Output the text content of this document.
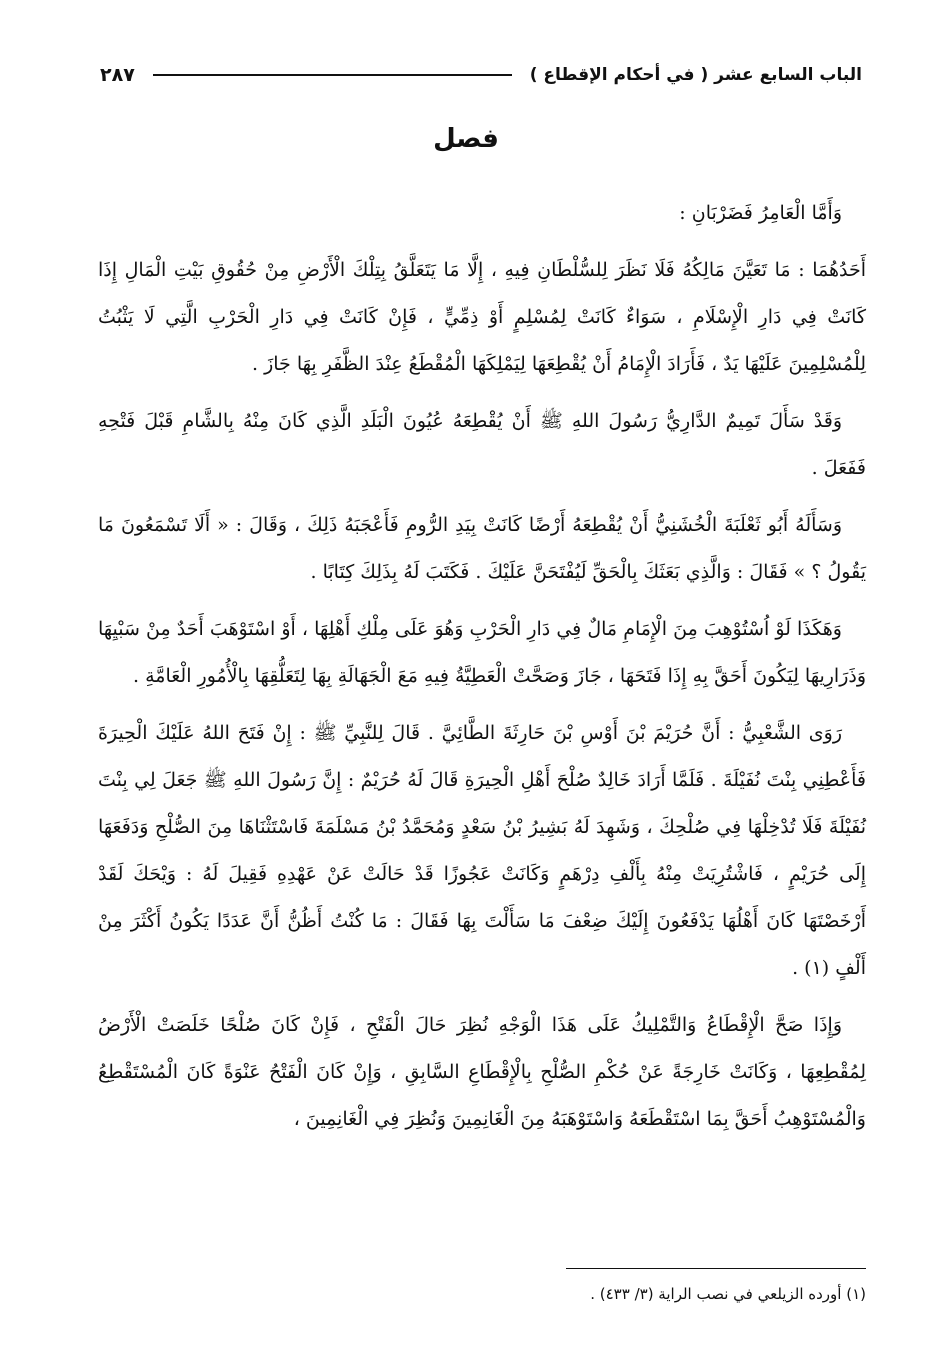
الباب السابع عشر ( في أحكام الإقطاع )
٢٨٧
فصل

وَأَمَّا الْعَامِرُ فَضَرْبَانِ :

أَحَدُهُمَا : مَا تَعَيَّنَ مَالِكُهُ فَلَا نَظَرَ لِلسُّلْطَانِ فِيهِ ، إِلَّا مَا يَتَعَلَّقُ بِتِلْكَ الْأَرْضِ مِنْ حُقُوقِ بَيْتِ الْمَالِ إِذَا كَانَتْ فِي دَارِ الْإِسْلَامِ ، سَوَاءٌ كَانَتْ لِمُسْلِمٍ أَوْ ذِمِّيٍّ ، فَإِنْ كَانَتْ فِي دَارِ الْحَرْبِ الَّتِي لَا يَثْبُتُ لِلْمُسْلِمِينَ عَلَيْهَا يَدٌ ، فَأَرَادَ الْإِمَامُ أَنْ يُقْطِعَهَا لِيَمْلِكَهَا الْمُقْطَعُ عِنْدَ الظَّفَرِ بِهَا جَازَ .

وَقَدْ سَأَلَ تَمِيمٌ الدَّارِيُّ رَسُولَ اللهِ ﷺ أَنْ يُقْطِعَهُ عُيُونَ الْبَلَدِ الَّذِي كَانَ مِنْهُ بِالشَّامِ قَبْلَ فَتْحِهِ فَفَعَلَ .

وَسَأَلَهُ أَبُو ثَعْلَبَةَ الْخُشَنِيُّ أَنْ يُقْطِعَهُ أَرْضًا كَانَتْ بِيَدِ الرُّومِ فَأَعْجَبَهُ ذَلِكَ ، وَقَالَ : « أَلَا تَسْمَعُونَ مَا يَقُولُ ؟ » فَقَالَ : وَالَّذِي بَعَثَكَ بِالْحَقِّ لَيُفْتَحَنَّ عَلَيْكَ . فَكَتَبَ لَهُ بِذَلِكَ كِتَابًا .

وَهَكَذَا لَوْ اُسْتُوْهِبَ مِنَ الْإِمَامِ مَالٌ فِي دَارِ الْحَرْبِ وَهُوَ عَلَى مِلْكِ أَهْلِهَا ، أَوْ اسْتَوْهَبَ أَحَدٌ مِنْ سَبْيِهَا وَذَرَارِيهَا لِيَكُونَ أَحَقَّ بِهِ إِذَا فَتَحَهَا ، جَازَ وَصَحَّتْ الْعَطِيَّةُ فِيهِ مَعَ الْجَهَالَةِ بِهَا لِتَعَلُّقِهَا بِالْأُمُورِ الْعَامَّةِ .

رَوَى الشَّعْبِيُّ : أَنَّ حُرَيْمَ بْنَ أَوْسِ بْنَ حَارِثَةَ الطَّائِيَّ . قَالَ لِلنَّبِيِّ ﷺ : إِنْ فَتَحَ اللهُ عَلَيْكَ الْحِيرَةَ فَأَعْطِنِي بِنْتَ نُفَيْلَةَ . فَلَمَّا أَرَادَ خَالِدٌ صُلْحَ أَهْلِ الْحِيرَةِ قَالَ لَهُ حُرَيْمٌ : إِنَّ رَسُولَ اللهِ ﷺ جَعَلَ لِي بِنْتَ نُفَيْلَةَ فَلَا تُدْخِلْهَا فِي صُلْحِكَ ، وَشَهِدَ لَهُ بَشِيرُ بْنُ سَعْدٍ وَمُحَمَّدُ بْنُ مَسْلَمَةَ فَاسْتَثْنَاهَا مِنَ الصُّلْحِ وَدَفَعَهَا إِلَى حُرَيْمٍ ، فَاشْتُرِيَتْ مِنْهُ بِأَلْفِ دِرْهَمٍ وَكَانَتْ عَجُوزًا قَدْ حَالَتْ عَنْ عَهْدِهِ فَقِيلَ لَهُ : وَيْحَكَ لَقَدْ أَرْخَصْتَهَا كَانَ أَهْلُهَا يَدْفَعُونَ إِلَيْكَ ضِعْفَ مَا سَأَلْتَ بِهَا فَقَالَ : مَا كُنْتُ أَظُنُّ أَنَّ عَدَدًا يَكُونُ أَكْثَرَ مِنْ أَلْفٍ (١) .

وَإِذَا صَحَّ الْإِقْطَاعُ وَالتَّمْلِيكُ عَلَى هَذَا الْوَجْهِ نُظِرَ حَالَ الْفَتْحِ ، فَإِنْ كَانَ صُلْحًا خَلَصَتْ الْأَرْضُ لِمُقْطِعِهَا ، وَكَانَتْ خَارِجَةً عَنْ حُكْمِ الصُّلْحِ بِالْإِقْطَاعِ السَّابِقِ ، وَإِنْ كَانَ الْفَتْحُ عَنْوَةً كَانَ الْمُسْتَقْطِعُ وَالْمُسْتَوْهِبُ أَحَقَّ بِمَا اسْتَقْطَعَهُ وَاسْتَوْهَبَهُ مِنَ الْغَانِمِينَ وَنُظِرَ فِي الْغَانِمِينَ ،

(١) أورده الزيلعي في نصب الراية (٣/ ٤٣٣) .
